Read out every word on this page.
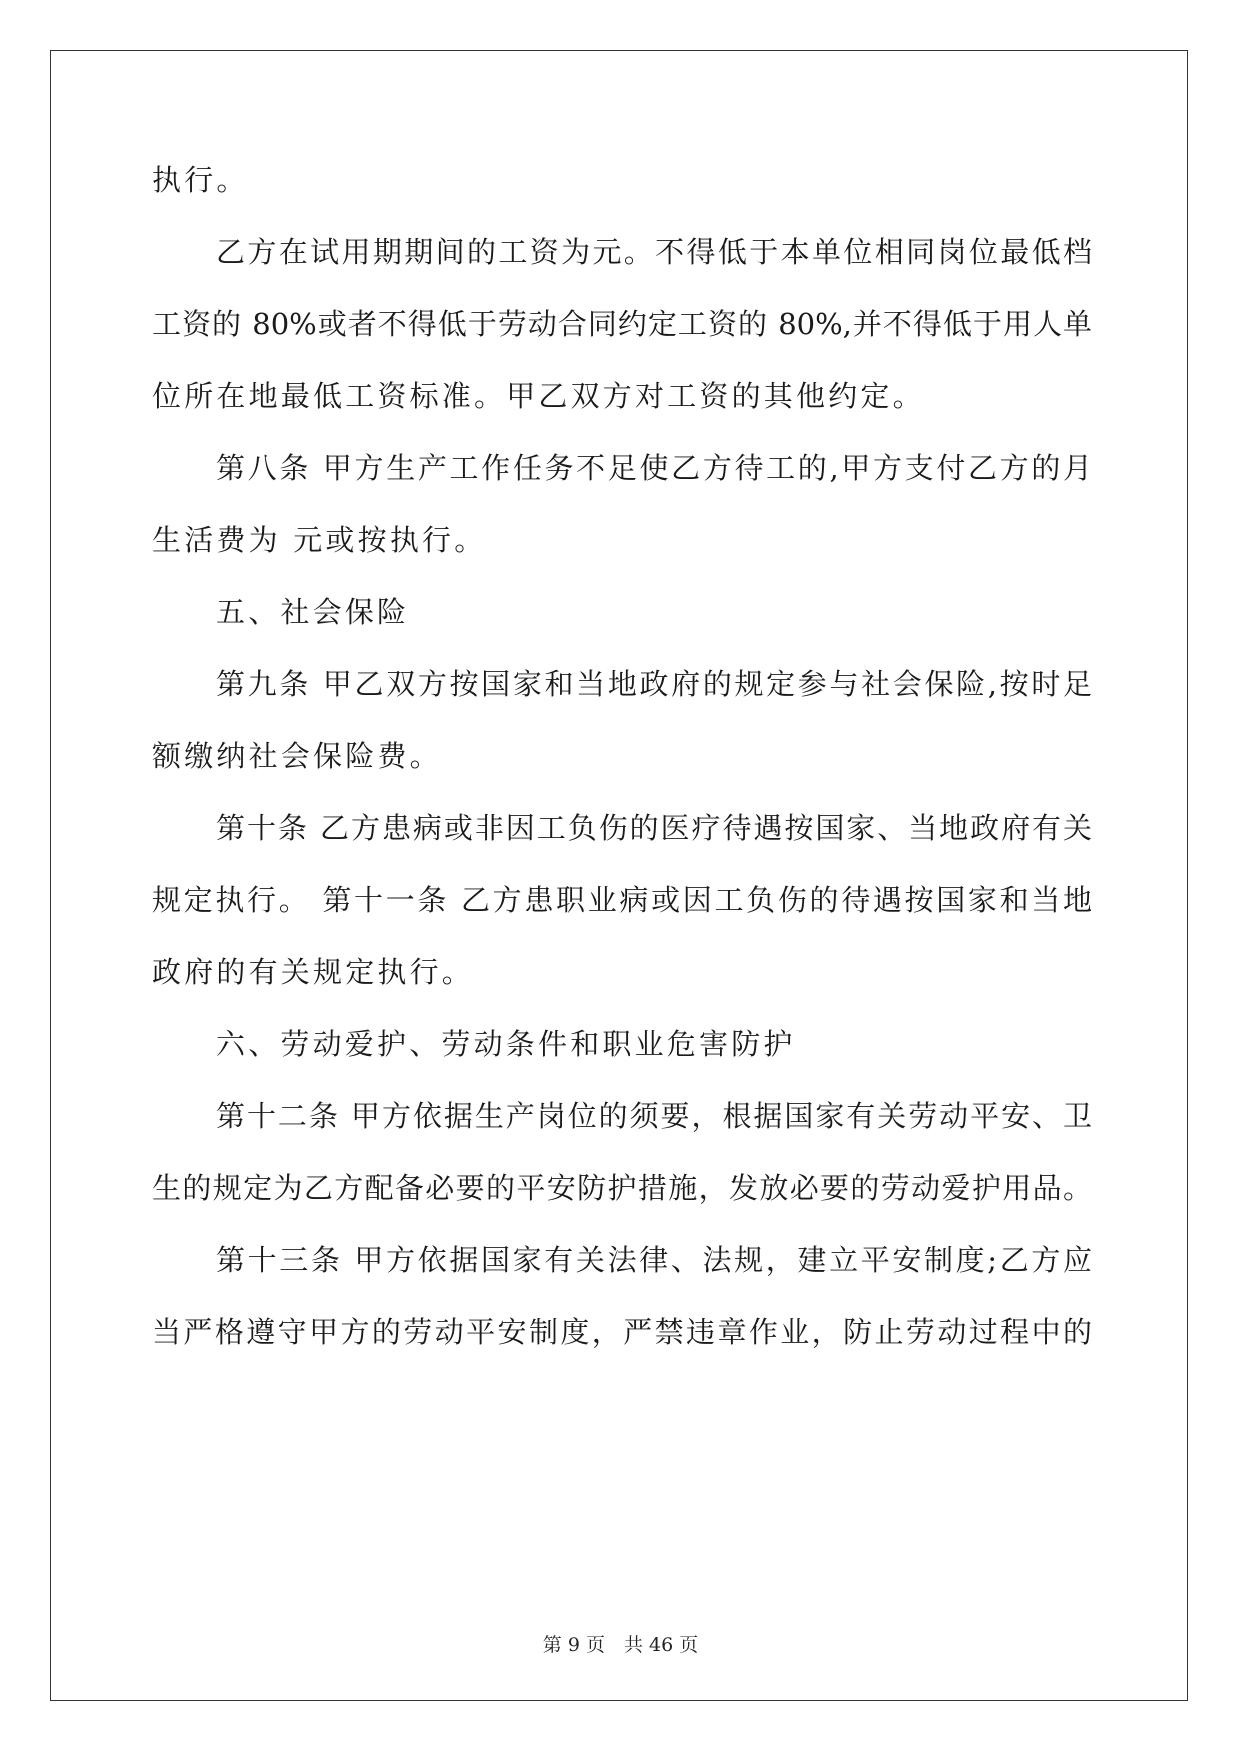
执行。
乙方在试用期期间的工资为元。不得低于本单位相同岗位最低档
工资的 80%或者不得低于劳动合同约定工资的 80%,并不得低于用人单
位所在地最低工资标准。甲乙双方对工资的其他约定。
第八条 甲方生产工作任务不足使乙方待工的,甲方支付乙方的月
生活费为 元或按执行。
五、社会保险
第九条 甲乙双方按国家和当地政府的规定参与社会保险,按时足
额缴纳社会保险费。
第十条 乙方患病或非因工负伤的医疗待遇按国家、当地政府有关
规定执行。 第十一条 乙方患职业病或因工负伤的待遇按国家和当地
政府的有关规定执行。
六、劳动爱护、劳动条件和职业危害防护
第十二条 甲方依据生产岗位的须要，根据国家有关劳动平安、卫
生的规定为乙方配备必要的平安防护措施，发放必要的劳动爱护用品。
第十三条 甲方依据国家有关法律、法规，建立平安制度;乙方应
当严格遵守甲方的劳动平安制度，严禁违章作业，防止劳动过程中的
第 9 页　共 46 页
